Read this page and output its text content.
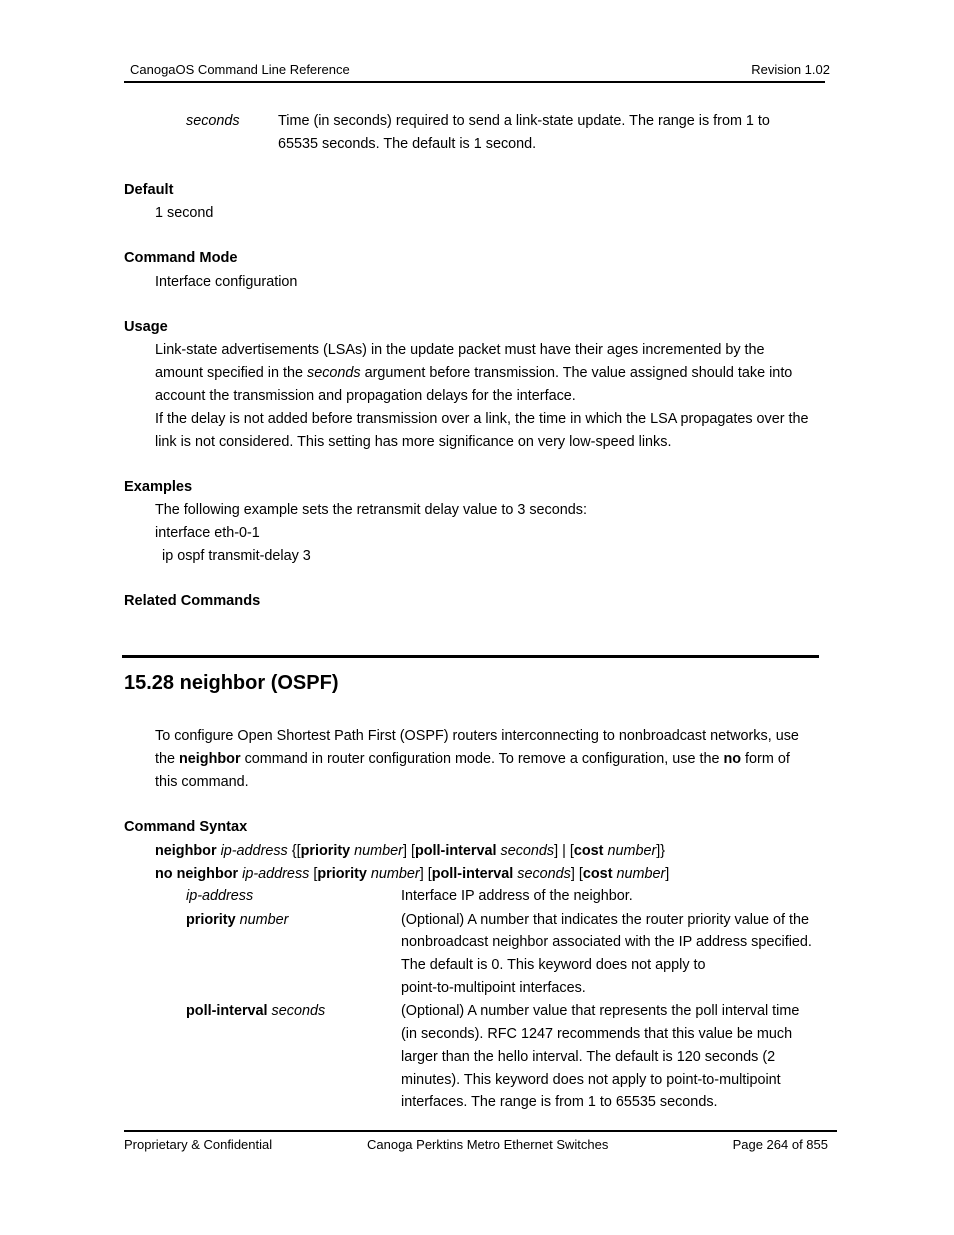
CanogaOS Command Line Reference	Revision 1.02
seconds	Time (in seconds) required to send a link-state update. The range is from 1 to
65535 seconds. The default is 1 second.
Default
1 second
Command Mode
Interface configuration
Usage
Link-state advertisements (LSAs) in the update packet must have their ages incremented by the
amount specified in the seconds argument before transmission. The value assigned should take into
account the transmission and propagation delays for the interface.
If the delay is not added before transmission over a link, the time in which the LSA propagates over the
link is not considered. This setting has more significance on very low-speed links.
Examples
The following example sets the retransmit delay value to 3 seconds:
interface eth-0-1
ip ospf transmit-delay 3
Related Commands
15.28 neighbor (OSPF)
To configure Open Shortest Path First (OSPF) routers interconnecting to nonbroadcast networks, use
the neighbor command in router configuration mode. To remove a configuration, use the no form of
this command.
Command Syntax
neighbor ip-address {[priority number] [poll-interval seconds] | [cost number]}
no neighbor ip-address [priority number] [poll-interval seconds] [cost number]
ip-address	Interface IP address of the neighbor.
priority number	(Optional) A number that indicates the router priority value of the
nonbroadcast neighbor associated with the IP address specified.
The default is 0. This keyword does not apply to
point-to-multipoint interfaces.
poll-interval seconds	(Optional) A number value that represents the poll interval time
(in seconds). RFC 1247 recommends that this value be much
larger than the hello interval. The default is 120 seconds (2
minutes). This keyword does not apply to point-to-multipoint
interfaces. The range is from 1 to 65535 seconds.
Proprietary & Confidential	Canoga Perktins Metro Ethernet Switches	Page 264 of 855
